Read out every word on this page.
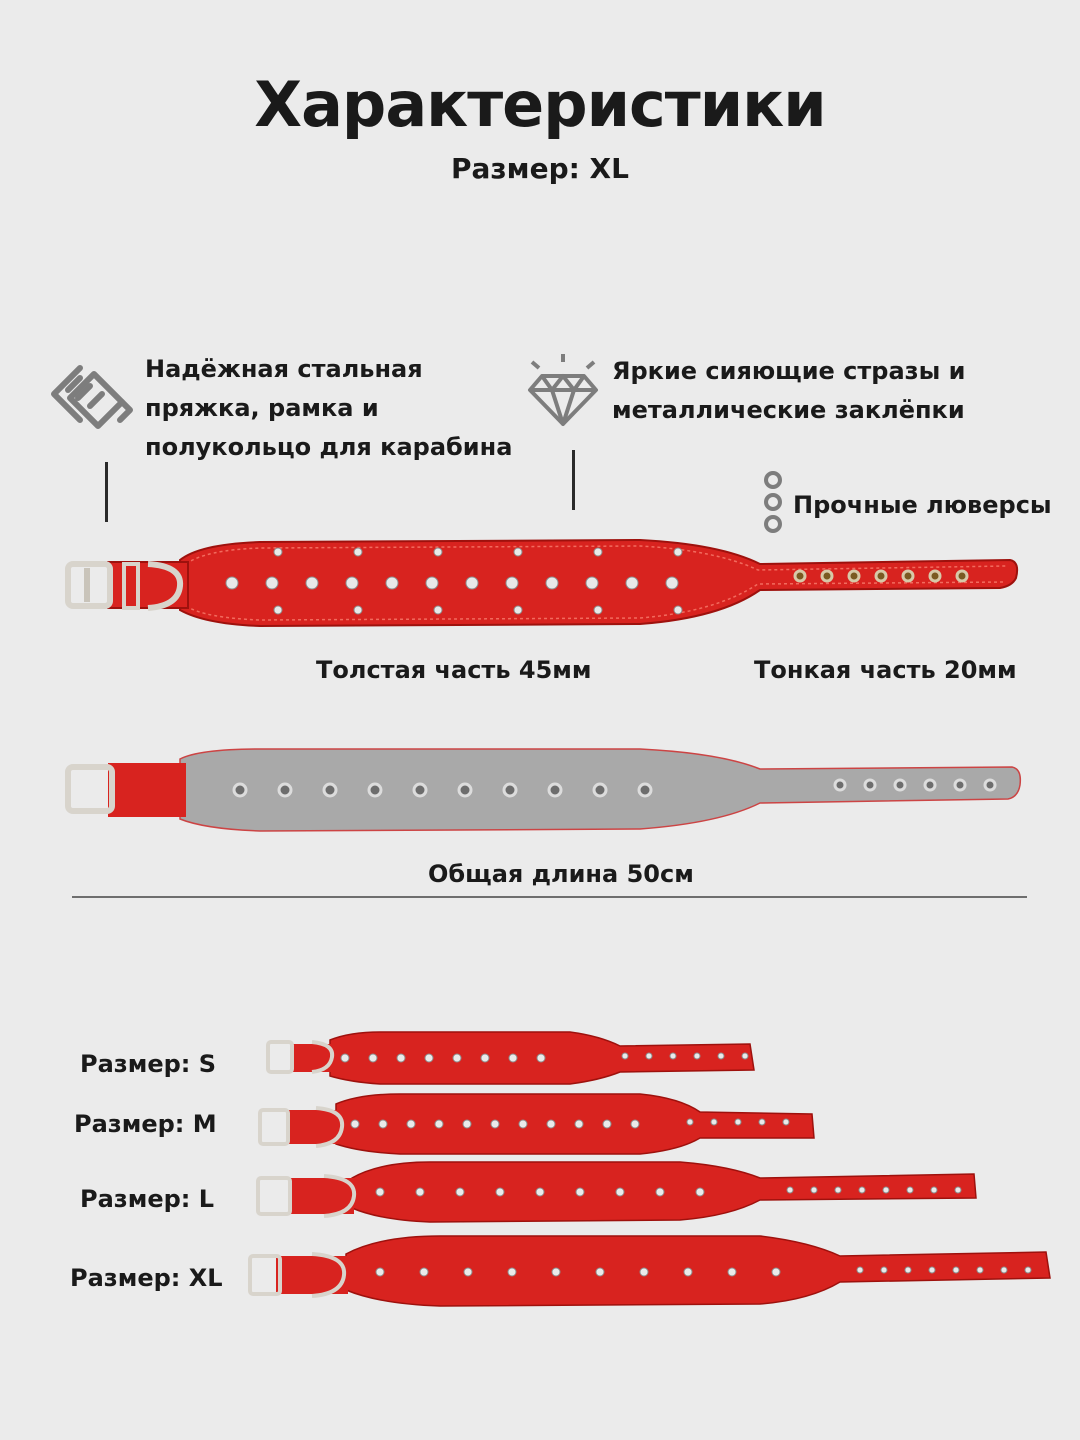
Характеристики
Размер: XL
Надёжная стальная
пряжка, рамка и
полукольцо для карабина
Яркие сияющие стразы и
металлические заклёпки
Прочные люверсы
Толстая часть 45мм	Тонкая часть 20мм
Общая длина 50см
Размер: S
Размер: M
Размер: L
Размер: XL
